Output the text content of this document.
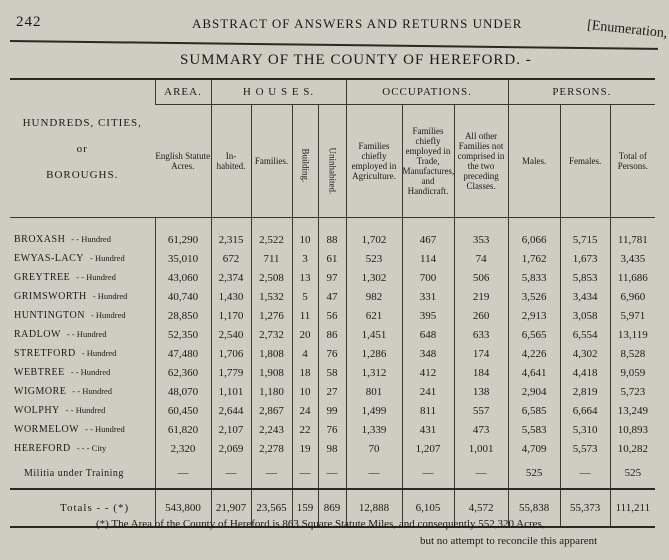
242	ABSTRACT OF ANSWERS AND RETURNS UNDER	[Enumeration,
SUMMARY OF THE COUNTY OF HEREFORD. -
HUNDREDS, CITIES,
or
BOROUGHS.	AREA.	H O U S E S.				OCCUPATIONS.			PERSONS.		
	English Statute Acres.	In-habited.	Families.	Building.	Uninhabited.	Families chiefly employed in Agriculture.	Families chiefly employed in Trade, Manufactures, and Handicraft.	All other Families not comprised in the two preceding Classes.	Males.	Females.	Total of Persons.
BROXASH - - Hundred	61,290	2,315	2,522	10	88	1,702	467	353	6,066	5,715	11,781
EWYAS-LACY - Hundred	35,010	672	711	3	61	523	114	74	1,762	1,673	3,435
GREYTREE - - Hundred	43,060	2,374	2,508	13	97	1,302	700	506	5,833	5,853	11,686
GRIMSWORTH - Hundred	40,740	1,430	1,532	5	47	982	331	219	3,526	3,434	6,960
HUNTINGTON - Hundred	28,850	1,170	1,276	11	56	621	395	260	2,913	3,058	5,971
RADLOW - - Hundred	52,350	2,540	2,732	20	86	1,451	648	633	6,565	6,554	13,119
STRETFORD - Hundred	47,480	1,706	1,808	4	76	1,286	348	174	4,226	4,302	8,528
WEBTREE - - Hundred	62,360	1,779	1,908	18	58	1,312	412	184	4,641	4,418	9,059
WIGMORE - - Hundred	48,070	1,101	1,180	10	27	801	241	138	2,904	2,819	5,723
WOLPHY - - Hundred	60,450	2,644	2,867	24	99	1,499	811	557	6,585	6,664	13,249
WORMELOW - - Hundred	61,820	2,107	2,243	22	76	1,339	431	473	5,583	5,310	10,893
HEREFORD - - - City	2,320	2,069	2,278	19	98	70	1,207	1,001	4,709	5,573	10,282
Militia under Training	—	—	—	—	—	—	—	—	525	—	525
Totals - - (*)	543,800	21,907	23,565	159	869	12,888	6,105	4,572	55,838	55,373	111,211
(*) The Area of the County of Hereford is 863 Square Statute Miles, and consequently 552,320 Acres,
but no attempt to reconcile this apparent
